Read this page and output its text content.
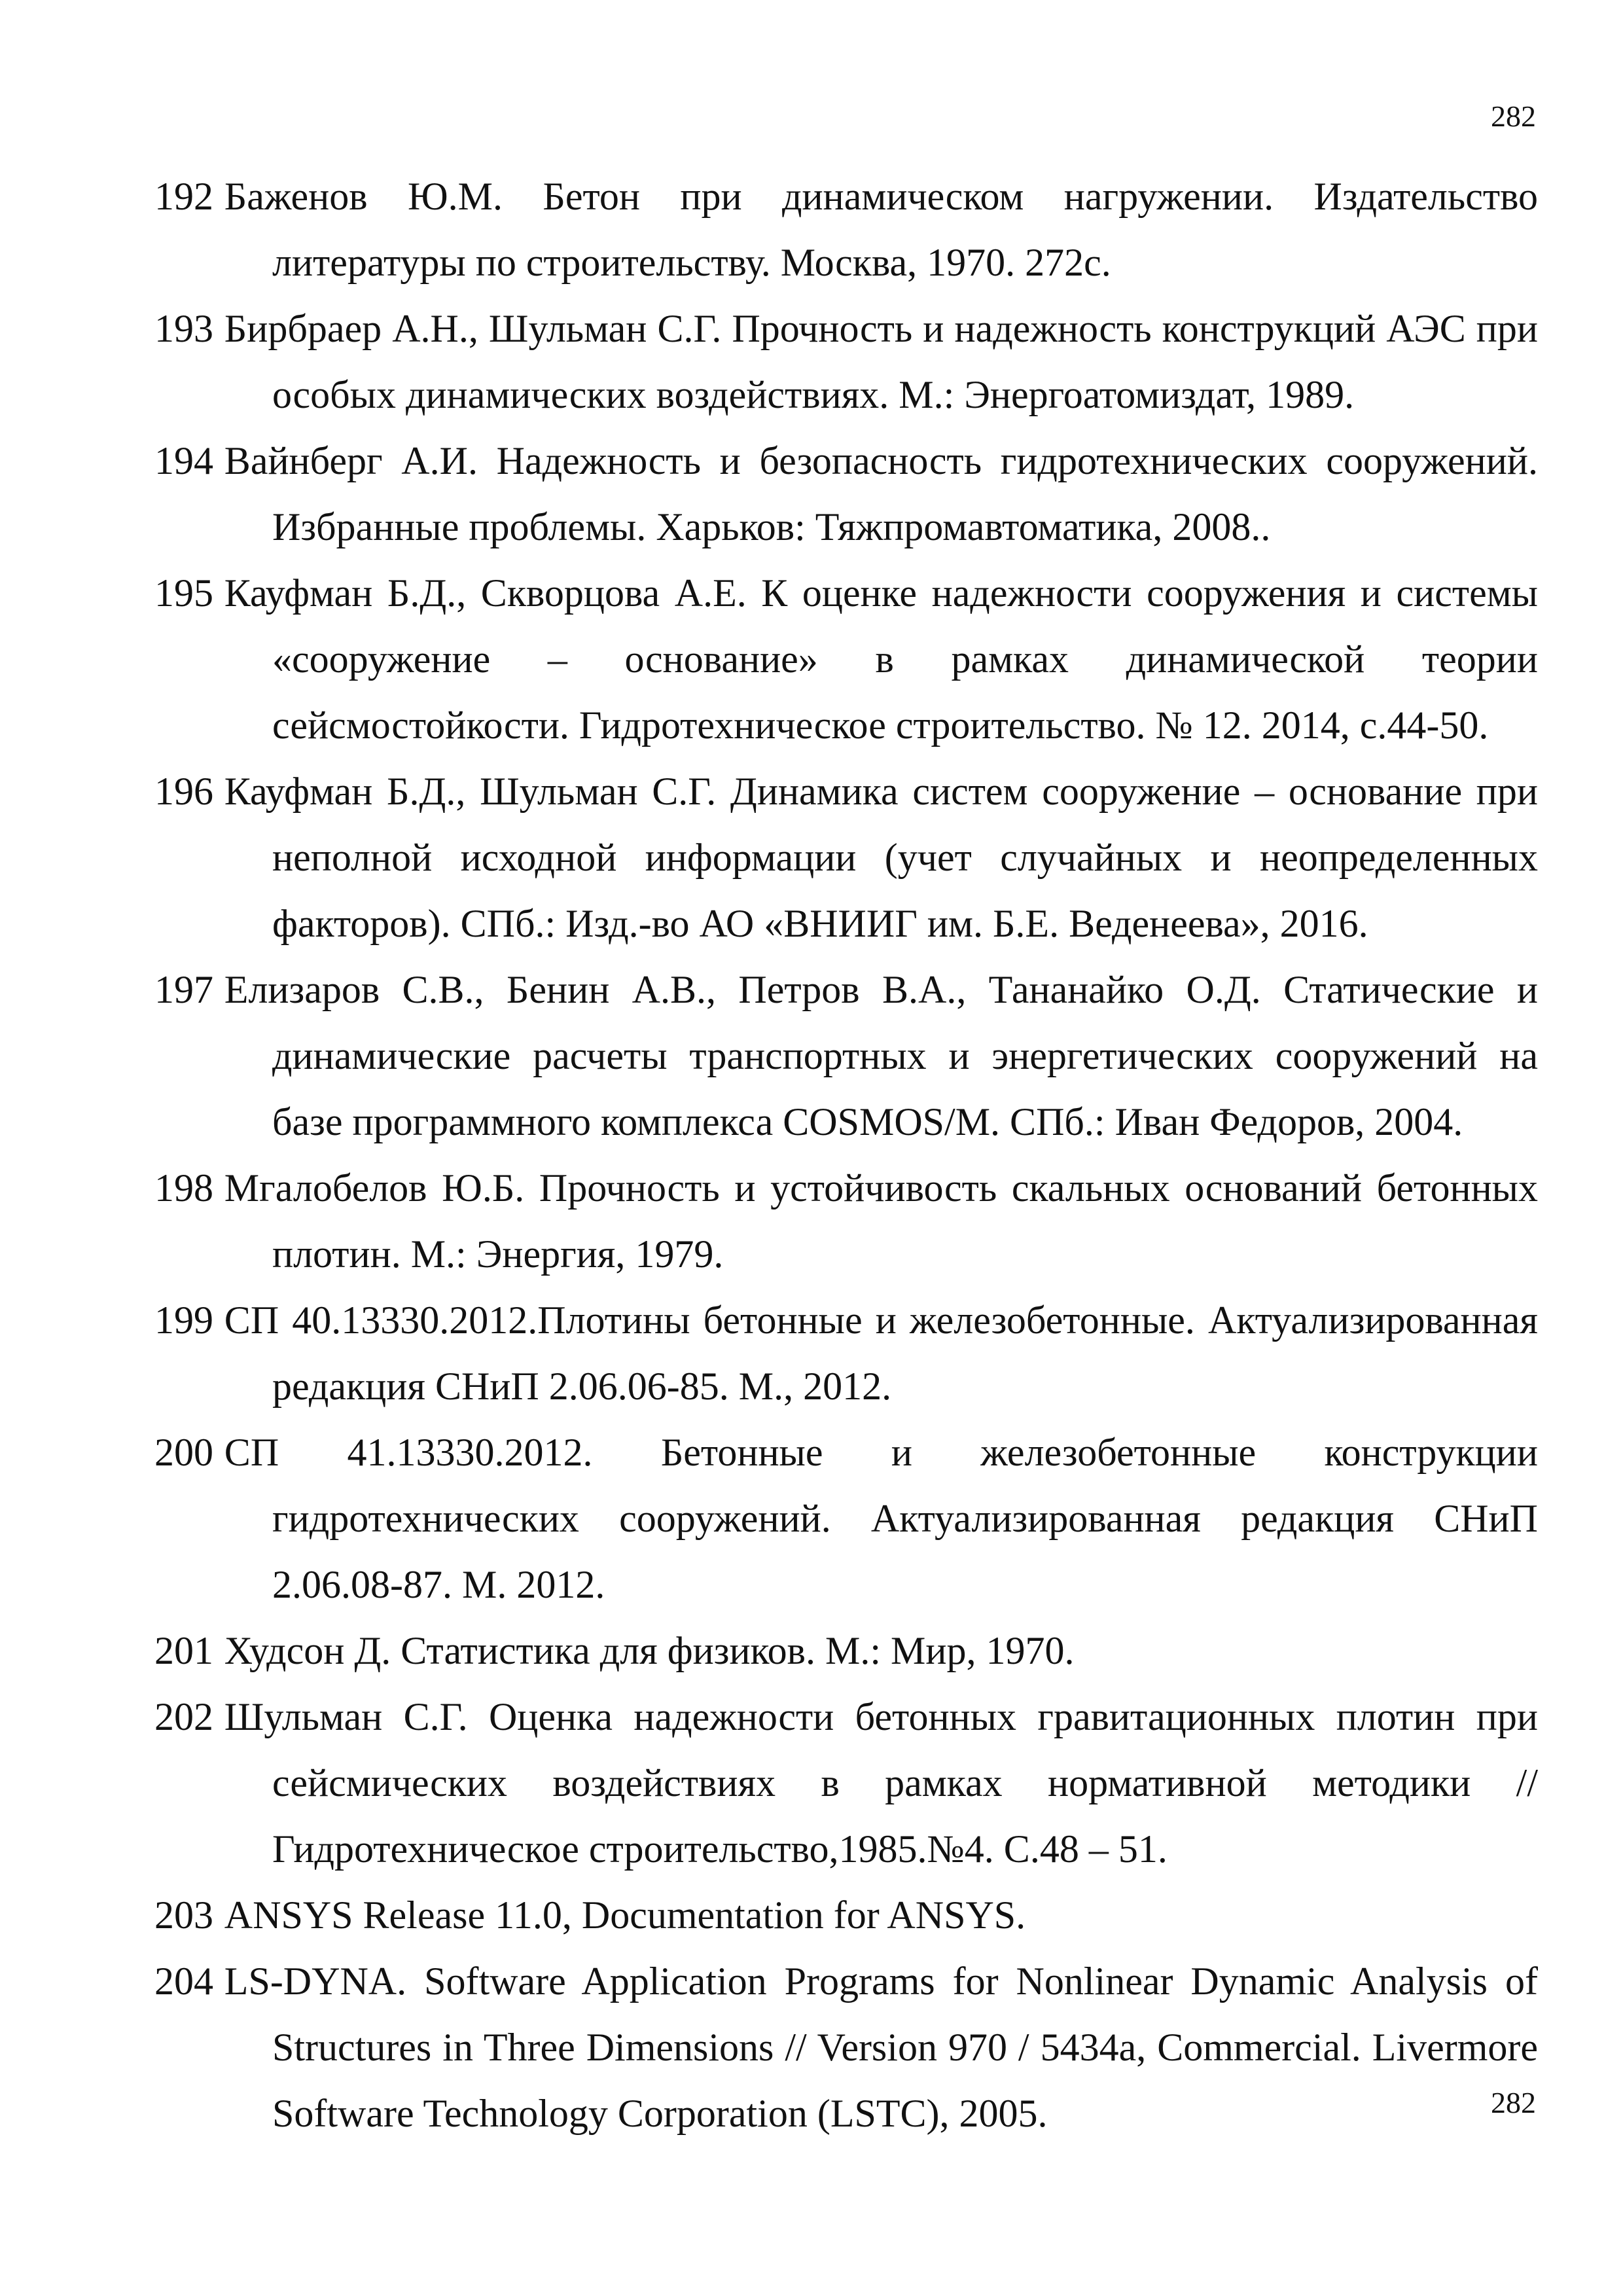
282
192 Баженов Ю.М. Бетон при динамическом нагружении. Издательство литературы по строительству. Москва, 1970. 272с.
193 Бирбраер А.Н., Шульман С.Г. Прочность и надежность конструкций АЭС при особых динамических воздействиях. М.: Энергоатомиздат, 1989.
194 Вайнберг А.И. Надежность и безопасность гидротехнических сооружений. Избранные проблемы. Харьков: Тяжпромавтоматика, 2008..
195 Кауфман Б.Д., Скворцова А.Е. К оценке надежности сооружения и системы «сооружение – основание» в рамках динамической теории сейсмостойкости. Гидротехническое строительство. № 12. 2014, с.44-50.
196 Кауфман Б.Д., Шульман С.Г. Динамика систем сооружение – основание при неполной исходной информации (учет случайных и неопределенных факторов). СПб.: Изд.-во АО «ВНИИГ им. Б.Е. Веденеева», 2016.
197 Елизаров С.В., Бенин А.В., Петров В.А., Тананайко О.Д. Статические и динамические расчеты транспортных и энергетических сооружений на базе программного комплекса COSMOS/M. СПб.: Иван Федоров, 2004.
198 Мгалобелов Ю.Б. Прочность и устойчивость скальных оснований бетонных плотин. М.: Энергия, 1979.
199 СП 40.13330.2012.Плотины бетонные и железобетонные. Актуализированная редакция СНиП 2.06.06-85. М., 2012.
200 СП 41.13330.2012. Бетонные и железобетонные конструкции гидротехнических сооружений. Актуализированная редакция СНиП 2.06.08-87. М. 2012.
201 Худсон Д. Статистика для физиков. М.: Мир, 1970.
202 Шульман С.Г. Оценка надежности бетонных гравитационных плотин при сейсмических воздействиях в рамках нормативной методики // Гидротехническое строительство,1985.№4. С.48 – 51.
203 ANSYS Release 11.0, Documentation for ANSYS.
204 LS-DYNA. Software Application Programs for Nonlinear Dynamic Analysis of Structures in Three Dimensions // Version 970 / 5434a, Commercial. Livermore Software Technology Corporation (LSTC), 2005.	282
